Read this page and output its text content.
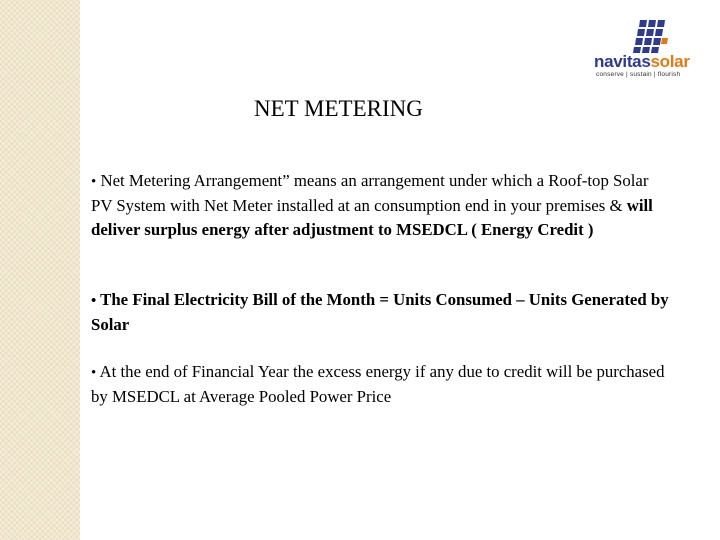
navitassolar
conserve | sustain | flourish
NET METERING
• Net Metering Arrangement” means an arrangement under which a Roof-top Solar PV System with Net Meter installed at an consumption end in your premises & will deliver surplus energy after adjustment to MSEDCL ( Energy Credit )
• The Final Electricity Bill of the Month = Units Consumed – Units Generated by Solar
• At the end of Financial Year the excess energy if any due to credit will be purchased by MSEDCL at Average Pooled Power Price
